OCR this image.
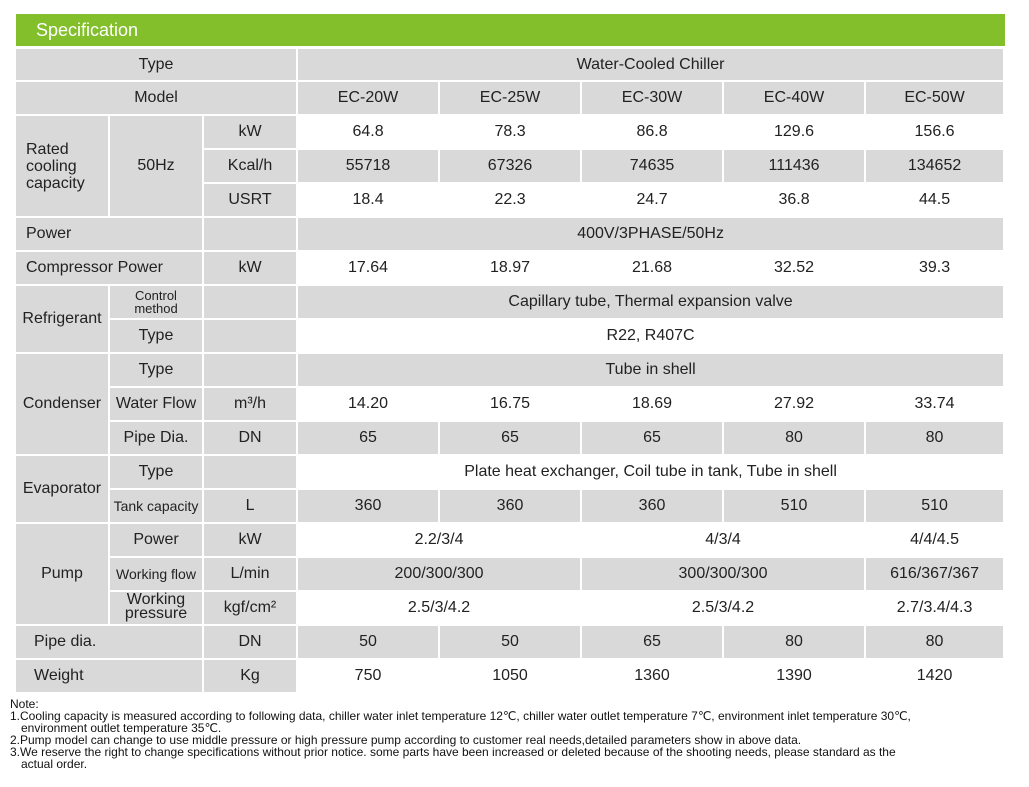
Specification
Type			Water-Cooled Chiller				
Model			EC-20W	EC-25W	EC-30W	EC-40W	EC-50W

Rated cooling capacity	50Hz	kW	64.8	78.3	86.8	129.6	156.6
		Kcal/h	55718	67326	74635	111436	134652
		USRT	18.4	22.3	24.7	36.8	44.5
Power			400V/3PHASE/50Hz				
Compressor Power		kW	17.64	18.97	21.68	32.52	39.3
Refrigerant	Control method		Capillary tube, Thermal expansion valve				
	Type		R22, R407C				
Condenser	Type		Tube in shell				
	Water Flow	m³/h	14.20	16.75	18.69	27.92	33.74
	Pipe Dia.	DN	65	65	65	80	80
Evaporator	Type		Plate heat exchanger, Coil tube in tank, Tube in shell				
	Tank capacity	L	360	360	360	510	510
Pump	Power	kW	2.2/3/4		4/3/4		4/4/4.5
	Working flow	L/min	200/300/300		300/300/300		616/367/367
	Working pressure	kgf/cm²	2.5/3/4.2		2.5/3/4.2		2.7/3.4/4.3
Pipe dia.		DN	50	50	65	80	80
Weight		Kg	750	1050	1360	1390	1420

Note:

1.Cooling capacity is measured according to following data, chiller water inlet temperature 12℃, chiller water outlet temperature 7℃, environment inlet temperature 30℃,

environment outlet temperature 35℃.

2.Pump model can change to use middle pressure or high pressure pump according to customer real needs,detailed parameters show in above data.

3.We reserve the right to change specifications without prior notice. some parts have been increased or deleted because of the shooting needs, please standard as the

actual order.
